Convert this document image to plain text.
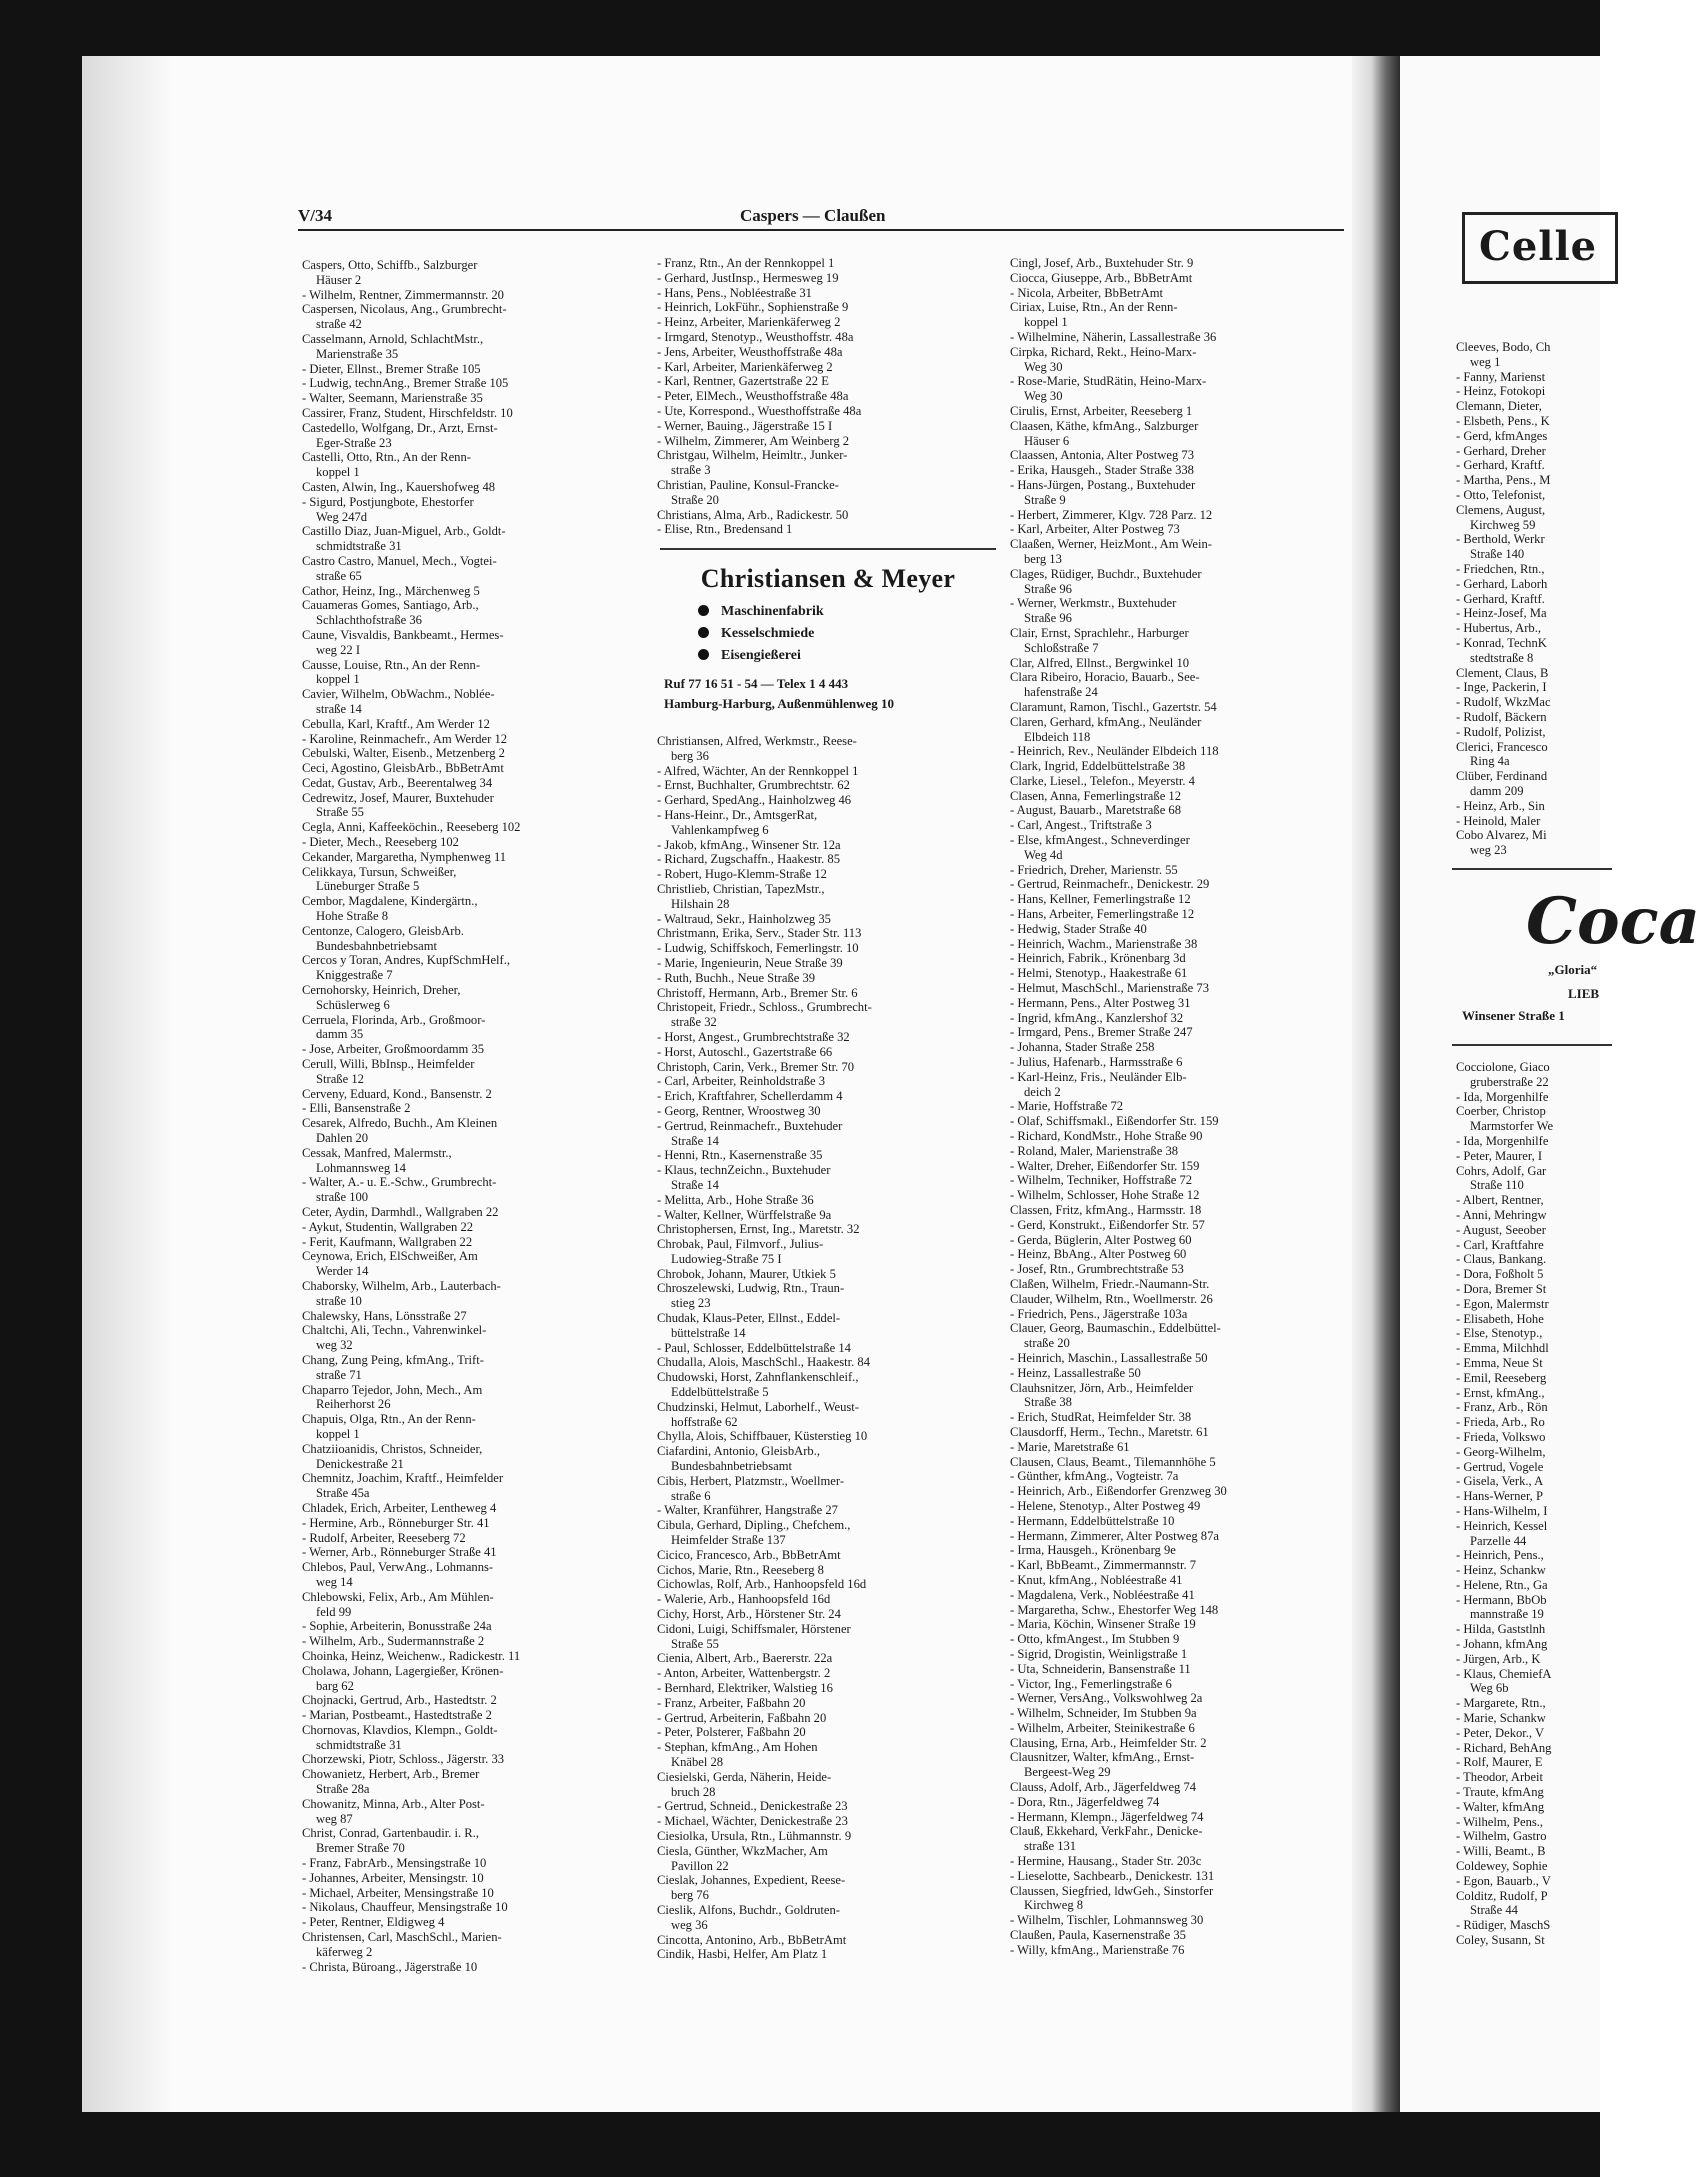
V/34	Caspers — Claußen
Caspers, Otto, Schiffb., Salzburger
Häuser 2
- Wilhelm, Rentner, Zimmermannstr. 20
Caspersen, Nicolaus, Ang., Grumbrecht-
straße 42
Casselmann, Arnold, SchlachtMstr.,
Marienstraße 35
- Dieter, Ellnst., Bremer Straße 105
- Ludwig, technAng., Bremer Straße 105
- Walter, Seemann, Marienstraße 35
Cassirer, Franz, Student, Hirschfeldstr. 10
Castedello, Wolfgang, Dr., Arzt, Ernst-
Eger-Straße 23
Castelli, Otto, Rtn., An der Renn-
koppel 1
Casten, Alwin, Ing., Kauershofweg 48
- Sigurd, Postjungbote, Ehestorfer
Weg 247d
Castillo Diaz, Juan-Miguel, Arb., Goldt-
schmidtstraße 31
Castro Castro, Manuel, Mech., Vogtei-
straße 65
Cathor, Heinz, Ing., Märchenweg 5
Cauameras Gomes, Santiago, Arb.,
Schlachthofstraße 36
Caune, Visvaldis, Bankbeamt., Hermes-
weg 22 I
Causse, Louise, Rtn., An der Renn-
koppel 1
Cavier, Wilhelm, ObWachm., Noblée-
straße 14
Cebulla, Karl, Kraftf., Am Werder 12
- Karoline, Reinmachefr., Am Werder 12
Cebulski, Walter, Eisenb., Metzenberg 2
Ceci, Agostino, GleisbArb., BbBetrAmt
Cedat, Gustav, Arb., Beerentalweg 34
Cedrewitz, Josef, Maurer, Buxtehuder
Straße 55
Cegla, Anni, Kaffeeköchin., Reeseberg 102
- Dieter, Mech., Reeseberg 102
Cekander, Margaretha, Nymphenweg 11
Celikkaya, Tursun, Schweißer,
Lüneburger Straße 5
Cembor, Magdalene, Kindergärtn.,
Hohe Straße 8
Centonze, Calogero, GleisbArb.
Bundesbahnbetriebsamt
Cercos y Toran, Andres, KupfSchmHelf.,
Kniggestraße 7
Cernohorsky, Heinrich, Dreher,
Schüslerweg 6
Cerruela, Florinda, Arb., Großmoor-
damm 35
- Jose, Arbeiter, Großmoordamm 35
Cerull, Willi, BbInsp., Heimfelder
Straße 12
Cerveny, Eduard, Kond., Bansenstr. 2
- Elli, Bansenstraße 2
Cesarek, Alfredo, Buchh., Am Kleinen
Dahlen 20
Cessak, Manfred, Malermstr.,
Lohmannsweg 14
- Walter, A.- u. E.-Schw., Grumbrecht-
straße 100
Ceter, Aydin, Darmhdl., Wallgraben 22
- Aykut, Studentin, Wallgraben 22
- Ferit, Kaufmann, Wallgraben 22
Ceynowa, Erich, ElSchweißer, Am
Werder 14
Chaborsky, Wilhelm, Arb., Lauterbach-
straße 10
Chalewsky, Hans, Lönsstraße 27
Chaltchi, Ali, Techn., Vahrenwinkel-
weg 32
Chang, Zung Peing, kfmAng., Trift-
straße 71
Chaparro Tejedor, John, Mech., Am
Reiherhorst 26
Chapuis, Olga, Rtn., An der Renn-
koppel 1
Chatziioanidis, Christos, Schneider,
Denickestraße 21
Chemnitz, Joachim, Kraftf., Heimfelder
Straße 45a
Chladek, Erich, Arbeiter, Lentheweg 4
- Hermine, Arb., Rönneburger Str. 41
- Rudolf, Arbeiter, Reeseberg 72
- Werner, Arb., Rönneburger Straße 41
Chlebos, Paul, VerwAng., Lohmanns-
weg 14
Chlebowski, Felix, Arb., Am Mühlen-
feld 99
- Sophie, Arbeiterin, Bonusstraße 24a
- Wilhelm, Arb., Sudermannstraße 2
Choinka, Heinz, Weichenw., Radickestr. 11
Cholawa, Johann, Lagergießer, Krönen-
barg 62
Chojnacki, Gertrud, Arb., Hastedtstr. 2
- Marian, Postbeamt., Hastedtstraße 2
Chornovas, Klavdios, Klempn., Goldt-
schmidtstraße 31
Chorzewski, Piotr, Schloss., Jägerstr. 33
Chowanietz, Herbert, Arb., Bremer
Straße 28a
Chowanitz, Minna, Arb., Alter Post-
weg 87
Christ, Conrad, Gartenbaudir. i. R.,
Bremer Straße 70
- Franz, FabrArb., Mensingstraße 10
- Johannes, Arbeiter, Mensingstr. 10
- Michael, Arbeiter, Mensingstraße 10
- Nikolaus, Chauffeur, Mensingstraße 10
- Peter, Rentner, Eldigweg 4
Christensen, Carl, MaschSchl., Marien-
käferweg 2
- Christa, Büroang., Jägerstraße 10
- Franz, Rtn., An der Rennkoppel 1
- Gerhard, JustInsp., Hermesweg 19
- Hans, Pens., Nobléestraße 31
- Heinrich, LokFühr., Sophienstraße 9
- Heinz, Arbeiter, Marienkäferweg 2
- Irmgard, Stenotyp., Weusthoffstr. 48a
- Jens, Arbeiter, Weusthoffstraße 48a
- Karl, Arbeiter, Marienkäferweg 2
- Karl, Rentner, Gazertstraße 22 E
- Peter, ElMech., Weusthoffstraße 48a
- Ute, Korrespond., Wuesthoffstraße 48a
- Werner, Bauing., Jägerstraße 15 I
- Wilhelm, Zimmerer, Am Weinberg 2
Christgau, Wilhelm, Heimltr., Junker-
straße 3
Christian, Pauline, Konsul-Francke-
Straße 20
Christians, Alma, Arb., Radickestr. 50
- Elise, Rtn., Bredensand 1
Christiansen & Meyer
Maschinenfabrik
Kesselschmiede
Eisengießerei
Ruf 77 16 51 - 54 — Telex 1 4 443
Hamburg-Harburg, Außenmühlenweg 10
Christiansen, Alfred, Werkmstr., Reese-
berg 36
- Alfred, Wächter, An der Rennkoppel 1
- Ernst, Buchhalter, Grumbrechtstr. 62
- Gerhard, SpedAng., Hainholzweg 46
- Hans-Heinr., Dr., AmtsgerRat,
Vahlenkampfweg 6
- Jakob, kfmAng., Winsener Str. 12a
- Richard, Zugschaffn., Haakestr. 85
- Robert, Hugo-Klemm-Straße 12
Christlieb, Christian, TapezMstr.,
Hilshain 28
- Waltraud, Sekr., Hainholzweg 35
Christmann, Erika, Serv., Stader Str. 113
- Ludwig, Schiffskoch, Femerlingstr. 10
- Marie, Ingenieurin, Neue Straße 39
- Ruth, Buchh., Neue Straße 39
Christoff, Hermann, Arb., Bremer Str. 6
Christopeit, Friedr., Schloss., Grumbrecht-
straße 32
- Horst, Angest., Grumbrechtstraße 32
- Horst, Autoschl., Gazertstraße 66
Christoph, Carin, Verk., Bremer Str. 70
- Carl, Arbeiter, Reinholdstraße 3
- Erich, Kraftfahrer, Schellerdamm 4
- Georg, Rentner, Wroostweg 30
- Gertrud, Reinmachefr., Buxtehuder
Straße 14
- Henni, Rtn., Kasernenstraße 35
- Klaus, technZeichn., Buxtehuder
Straße 14
- Melitta, Arb., Hohe Straße 36
- Walter, Kellner, Würffelstraße 9a
Christophersen, Ernst, Ing., Maretstr. 32
Chrobak, Paul, Filmvorf., Julius-
Ludowieg-Straße 75 I
Chrobok, Johann, Maurer, Utkiek 5
Chroszelewski, Ludwig, Rtn., Traun-
stieg 23
Chudak, Klaus-Peter, Ellnst., Eddel-
büttelstraße 14
- Paul, Schlosser, Eddelbüttelstraße 14
Chudalla, Alois, MaschSchl., Haakestr. 84
Chudowski, Horst, Zahnflankenschleif.,
Eddelbüttelstraße 5
Chudzinski, Helmut, Laborhelf., Weust-
hoffstraße 62
Chylla, Alois, Schiffbauer, Küsterstieg 10
Ciafardini, Antonio, GleisbArb.,
Bundesbahnbetriebsamt
Cibis, Herbert, Platzmstr., Woellmer-
straße 6
- Walter, Kranführer, Hangstraße 27
Cibula, Gerhard, Dipling., Chefchem.,
Heimfelder Straße 137
Cicico, Francesco, Arb., BbBetrAmt
Cichos, Marie, Rtn., Reeseberg 8
Cichowlas, Rolf, Arb., Hanhoopsfeld 16d
- Walerie, Arb., Hanhoopsfeld 16d
Cichy, Horst, Arb., Hörstener Str. 24
Cidoni, Luigi, Schiffsmaler, Hörstener
Straße 55
Cienia, Albert, Arb., Baererstr. 22a
- Anton, Arbeiter, Wattenbergstr. 2
- Bernhard, Elektriker, Walstieg 16
- Franz, Arbeiter, Faßbahn 20
- Gertrud, Arbeiterin, Faßbahn 20
- Peter, Polsterer, Faßbahn 20
- Stephan, kfmAng., Am Hohen
Knäbel 28
Ciesielski, Gerda, Näherin, Heide-
bruch 28
- Gertrud, Schneid., Denickestraße 23
- Michael, Wächter, Denickestraße 23
Ciesiolka, Ursula, Rtn., Lühmannstr. 9
Ciesla, Günther, WkzMacher, Am
Pavillon 22
Cieslak, Johannes, Expedient, Reese-
berg 76
Cieslik, Alfons, Buchdr., Goldruten-
weg 36
Cincotta, Antonino, Arb., BbBetrAmt
Cindik, Hasbi, Helfer, Am Platz 1
Cingl, Josef, Arb., Buxtehuder Str. 9
Ciocca, Giuseppe, Arb., BbBetrAmt
- Nicola, Arbeiter, BbBetrAmt
Ciriax, Luise, Rtn., An der Renn-
koppel 1
- Wilhelmine, Näherin, Lassallestraße 36
Cirpka, Richard, Rekt., Heino-Marx-
Weg 30
- Rose-Marie, StudRätin, Heino-Marx-
Weg 30
Cirulis, Ernst, Arbeiter, Reeseberg 1
Claasen, Käthe, kfmAng., Salzburger
Häuser 6
Claassen, Antonia, Alter Postweg 73
- Erika, Hausgeh., Stader Straße 338
- Hans-Jürgen, Postang., Buxtehuder
Straße 9
- Herbert, Zimmerer, Klgv. 728 Parz. 12
- Karl, Arbeiter, Alter Postweg 73
Claaßen, Werner, HeizMont., Am Wein-
berg 13
Clages, Rüdiger, Buchdr., Buxtehuder
Straße 96
- Werner, Werkmstr., Buxtehuder
Straße 96
Clair, Ernst, Sprachlehr., Harburger
Schloßstraße 7
Clar, Alfred, Ellnst., Bergwinkel 10
Clara Ribeiro, Horacio, Bauarb., See-
hafenstraße 24
Claramunt, Ramon, Tischl., Gazertstr. 54
Claren, Gerhard, kfmAng., Neuländer
Elbdeich 118
- Heinrich, Rev., Neuländer Elbdeich 118
Clark, Ingrid, Eddelbüttelstraße 38
Clarke, Liesel., Telefon., Meyerstr. 4
Clasen, Anna, Femerlingstraße 12
- August, Bauarb., Maretstraße 68
- Carl, Angest., Triftstraße 3
- Else, kfmAngest., Schneverdinger
Weg 4d
- Friedrich, Dreher, Marienstr. 55
- Gertrud, Reinmachefr., Denickestr. 29
- Hans, Kellner, Femerlingstraße 12
- Hans, Arbeiter, Femerlingstraße 12
- Hedwig, Stader Straße 40
- Heinrich, Wachm., Marienstraße 38
- Heinrich, Fabrik., Krönenbarg 3d
- Helmi, Stenotyp., Haakestraße 61
- Helmut, MaschSchl., Marienstraße 73
- Hermann, Pens., Alter Postweg 31
- Ingrid, kfmAng., Kanzlershof 32
- Irmgard, Pens., Bremer Straße 247
- Johanna, Stader Straße 258
- Julius, Hafenarb., Harmsstraße 6
- Karl-Heinz, Fris., Neuländer Elb-
deich 2
- Marie, Hoffstraße 72
- Olaf, Schiffsmakl., Eißendorfer Str. 159
- Richard, KondMstr., Hohe Straße 90
- Roland, Maler, Marienstraße 38
- Walter, Dreher, Eißendorfer Str. 159
- Wilhelm, Techniker, Hoffstraße 72
- Wilhelm, Schlosser, Hohe Straße 12
Classen, Fritz, kfmAng., Harmsstr. 18
- Gerd, Konstrukt., Eißendorfer Str. 57
- Gerda, Büglerin, Alter Postweg 60
- Heinz, BbAng., Alter Postweg 60
- Josef, Rtn., Grumbrechtstraße 53
Claßen, Wilhelm, Friedr.-Naumann-Str.
Clauder, Wilhelm, Rtn., Woellmerstr. 26
- Friedrich, Pens., Jägerstraße 103a
Clauer, Georg, Baumaschin., Eddelbüttel-
straße 20
- Heinrich, Maschin., Lassallestraße 50
- Heinz, Lassallestraße 50
Clauhsnitzer, Jörn, Arb., Heimfelder
Straße 38
- Erich, StudRat, Heimfelder Str. 38
Clausdorff, Herm., Techn., Maretstr. 61
- Marie, Maretstraße 61
Clausen, Claus, Beamt., Tilemannhöhe 5
- Günther, kfmAng., Vogteistr. 7a
- Heinrich, Arb., Eißendorfer Grenzweg 30
- Helene, Stenotyp., Alter Postweg 49
- Hermann, Eddelbüttelstraße 10
- Hermann, Zimmerer, Alter Postweg 87a
- Irma, Hausgeh., Krönenbarg 9e
- Karl, BbBeamt., Zimmermannstr. 7
- Knut, kfmAng., Nobléestraße 41
- Magdalena, Verk., Nobléestraße 41
- Margaretha, Schw., Ehestorfer Weg 148
- Maria, Köchin, Winsener Straße 19
- Otto, kfmAngest., Im Stubben 9
- Sigrid, Drogistin, Weinligstraße 1
- Uta, Schneiderin, Bansenstraße 11
- Victor, Ing., Femerlingstraße 6
- Werner, VersAng., Volkswohlweg 2a
- Wilhelm, Schneider, Im Stubben 9a
- Wilhelm, Arbeiter, Steinikestraße 6
Clausing, Erna, Arb., Heimfelder Str. 2
Clausnitzer, Walter, kfmAng., Ernst-
Bergeest-Weg 29
Clauss, Adolf, Arb., Jägerfeldweg 74
- Dora, Rtn., Jägerfeldweg 74
- Hermann, Klempn., Jägerfeldweg 74
Clauß, Ekkehard, VerkFahr., Denicke-
straße 131
- Hermine, Hausang., Stader Str. 203c
- Lieselotte, Sachbearb., Denickestr. 131
Claussen, Siegfried, ldwGeh., Sinstorfer
Kirchweg 8
- Wilhelm, Tischler, Lohmannsweg 30
Claußen, Paula, Kasernenstraße 35
- Willy, kfmAng., Marienstraße 76
Celle
Cleeves, Bodo, Ch
weg 1
- Fanny, Marienst
- Heinz, Fotokopi
Clemann, Dieter,
- Elsbeth, Pens., K
- Gerd, kfmAnges
- Gerhard, Dreher
- Gerhard, Kraftf.
- Martha, Pens., M
- Otto, Telefonist,
Clemens, August,
Kirchweg 59
- Berthold, Werkr
Straße 140
- Friedchen, Rtn.,
- Gerhard, Laborh
- Gerhard, Kraftf.
- Heinz-Josef, Ma
- Hubertus, Arb.,
- Konrad, TechnK
stedtstraße 8
Clement, Claus, B
- Inge, Packerin, I
- Rudolf, WkzMac
- Rudolf, Bäckern
- Rudolf, Polizist,
Clerici, Francesco
Ring 4a
Clüber, Ferdinand
damm 209
- Heinz, Arb., Sin
- Heinold, Maler
Cobo Alvarez, Mi
weg 23
Coca
„Gloria“
LIEB
Winsener Straße 1
Cocciolone, Giaco
gruberstraße 22
- Ida, Morgenhilfe
Coerber, Christop
Marmstorfer We
- Ida, Morgenhilfe
- Peter, Maurer, I
Cohrs, Adolf, Gar
Straße 110
- Albert, Rentner,
- Anni, Mehringw
- August, Seeober
- Carl, Kraftfahre
- Claus, Bankang.
- Dora, Foßholt 5
- Dora, Bremer St
- Egon, Malermstr
- Elisabeth, Hohe
- Else, Stenotyp.,
- Emma, Milchhdl
- Emma, Neue St
- Emil, Reeseberg
- Ernst, kfmAng.,
- Franz, Arb., Rön
- Frieda, Arb., Ro
- Frieda, Volkswo
- Georg-Wilhelm,
- Gertrud, Vogele
- Gisela, Verk., A
- Hans-Werner, P
- Hans-Wilhelm, I
- Heinrich, Kessel
Parzelle 44
- Heinrich, Pens.,
- Heinz, Schankw
- Helene, Rtn., Ga
- Hermann, BbOb
mannstraße 19
- Hilda, Gaststlnh
- Johann, kfmAng
- Jürgen, Arb., K
- Klaus, ChemiefA
Weg 6b
- Margarete, Rtn.,
- Marie, Schankw
- Peter, Dekor., V
- Richard, BehAng
- Rolf, Maurer, E
- Theodor, Arbeit
- Traute, kfmAng
- Walter, kfmAng
- Wilhelm, Pens.,
- Wilhelm, Gastro
- Willi, Beamt., B
Coldewey, Sophie
- Egon, Bauarb., V
Colditz, Rudolf, P
Straße 44
- Rüdiger, MaschS
Coley, Susann, St
